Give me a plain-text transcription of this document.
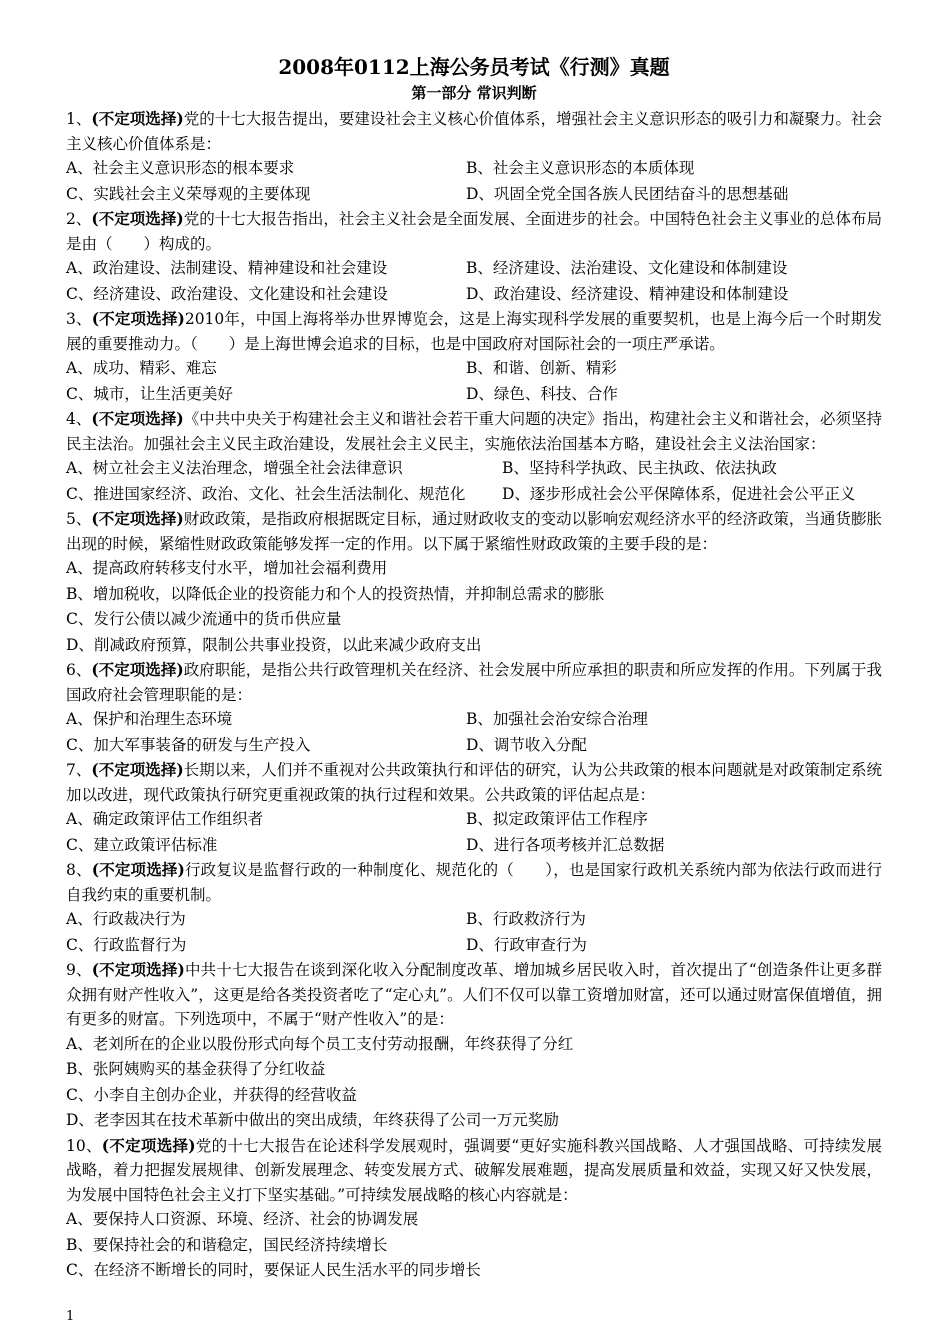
2008年0112上海公务员考试《行测》真题
第一部分 常识判断

1、(不定项选择)党的十七大报告提出，要建设社会主义核心价值体系，增强社会主义意识形态的吸引力和凝聚力。社会主义核心价值体系是：

A、社会主义意识形态的根本要求	B、社会主义意识形态的本质体现
C、实践社会主义荣辱观的主要体现	D、巩固全党全国各族人民团结奋斗的思想基础

2、(不定项选择)党的十七大报告指出，社会主义社会是全面发展、全面进步的社会。中国特色社会主义事业的总体布局是由（　　）构成的。

A、政治建设、法制建设、精神建设和社会建设	B、经济建设、法治建设、文化建设和体制建设
C、经济建设、政治建设、文化建设和社会建设	D、政治建设、经济建设、精神建设和体制建设

3、(不定项选择)2010年，中国上海将举办世界博览会，这是上海实现科学发展的重要契机，也是上海今后一个时期发展的重要推动力。（　　）是上海世博会追求的目标，也是中国政府对国际社会的一项庄严承诺。

A、成功、精彩、难忘	B、和谐、创新、精彩
C、城市，让生活更美好	D、绿色、科技、合作

4、(不定项选择)《中共中央关于构建社会主义和谐社会若干重大问题的决定》指出，构建社会主义和谐社会，必须坚持民主法治。加强社会主义民主政治建设，发展社会主义民主，实施依法治国基本方略，建设社会主义法治国家：

A、树立社会主义法治理念，增强全社会法律意识	B、坚持科学执政、民主执政、依法执政
C、推进国家经济、政治、文化、社会生活法制化、规范化	D、逐步形成社会公平保障体系，促进社会公平正义

5、(不定项选择)财政政策，是指政府根据既定目标，通过财政收支的变动以影响宏观经济水平的经济政策，当通货膨胀出现的时候，紧缩性财政政策能够发挥一定的作用。以下属于紧缩性财政政策的主要手段的是：

A、提高政府转移支付水平，增加社会福利费用
B、增加税收，以降低企业的投资能力和个人的投资热情，并抑制总需求的膨胀
C、发行公债以减少流通中的货币供应量
D、削减政府预算，限制公共事业投资，以此来减少政府支出

6、(不定项选择)政府职能，是指公共行政管理机关在经济、社会发展中所应承担的职责和所应发挥的作用。下列属于我国政府社会管理职能的是：

A、保护和治理生态环境	B、加强社会治安综合治理
C、加大军事装备的研发与生产投入	D、调节收入分配

7、(不定项选择)长期以来，人们并不重视对公共政策执行和评估的研究，认为公共政策的根本问题就是对政策制定系统加以改进，现代政策执行研究更重视政策的执行过程和效果。公共政策的评估起点是：

A、确定政策评估工作组织者	B、拟定政策评估工作程序
C、建立政策评估标准	D、进行各项考核并汇总数据

8、(不定项选择)行政复议是监督行政的一种制度化、规范化的（　　），也是国家行政机关系统内部为依法行政而进行自我约束的重要机制。

A、行政裁决行为	B、行政救济行为
C、行政监督行为	D、行政审查行为

9、(不定项选择)中共十七大报告在谈到深化收入分配制度改革、增加城乡居民收入时，首次提出了“创造条件让更多群众拥有财产性收入”，这更是给各类投资者吃了“定心丸”。人们不仅可以靠工资增加财富，还可以通过财富保值增值，拥有更多的财富。下列选项中，不属于“财产性收入”的是：

A、老刘所在的企业以股份形式向每个员工支付劳动报酬，年终获得了分红
B、张阿姨购买的基金获得了分红收益
C、小李自主创办企业，并获得的经营收益
D、老李因其在技术革新中做出的突出成绩，年终获得了公司一万元奖励

10、(不定项选择)党的十七大报告在论述科学发展观时，强调要“更好实施科教兴国战略、人才强国战略、可持续发展战略，着力把握发展规律、创新发展理念、转变发展方式、破解发展难题，提高发展质量和效益，实现又好又快发展，为发展中国特色社会主义打下坚实基础。”可持续发展战略的核心内容就是：

A、要保持人口资源、环境、经济、社会的协调发展
B、要保持社会的和谐稳定，国民经济持续增长
C、在经济不断增长的同时，要保证人民生活水平的同步增长
1
